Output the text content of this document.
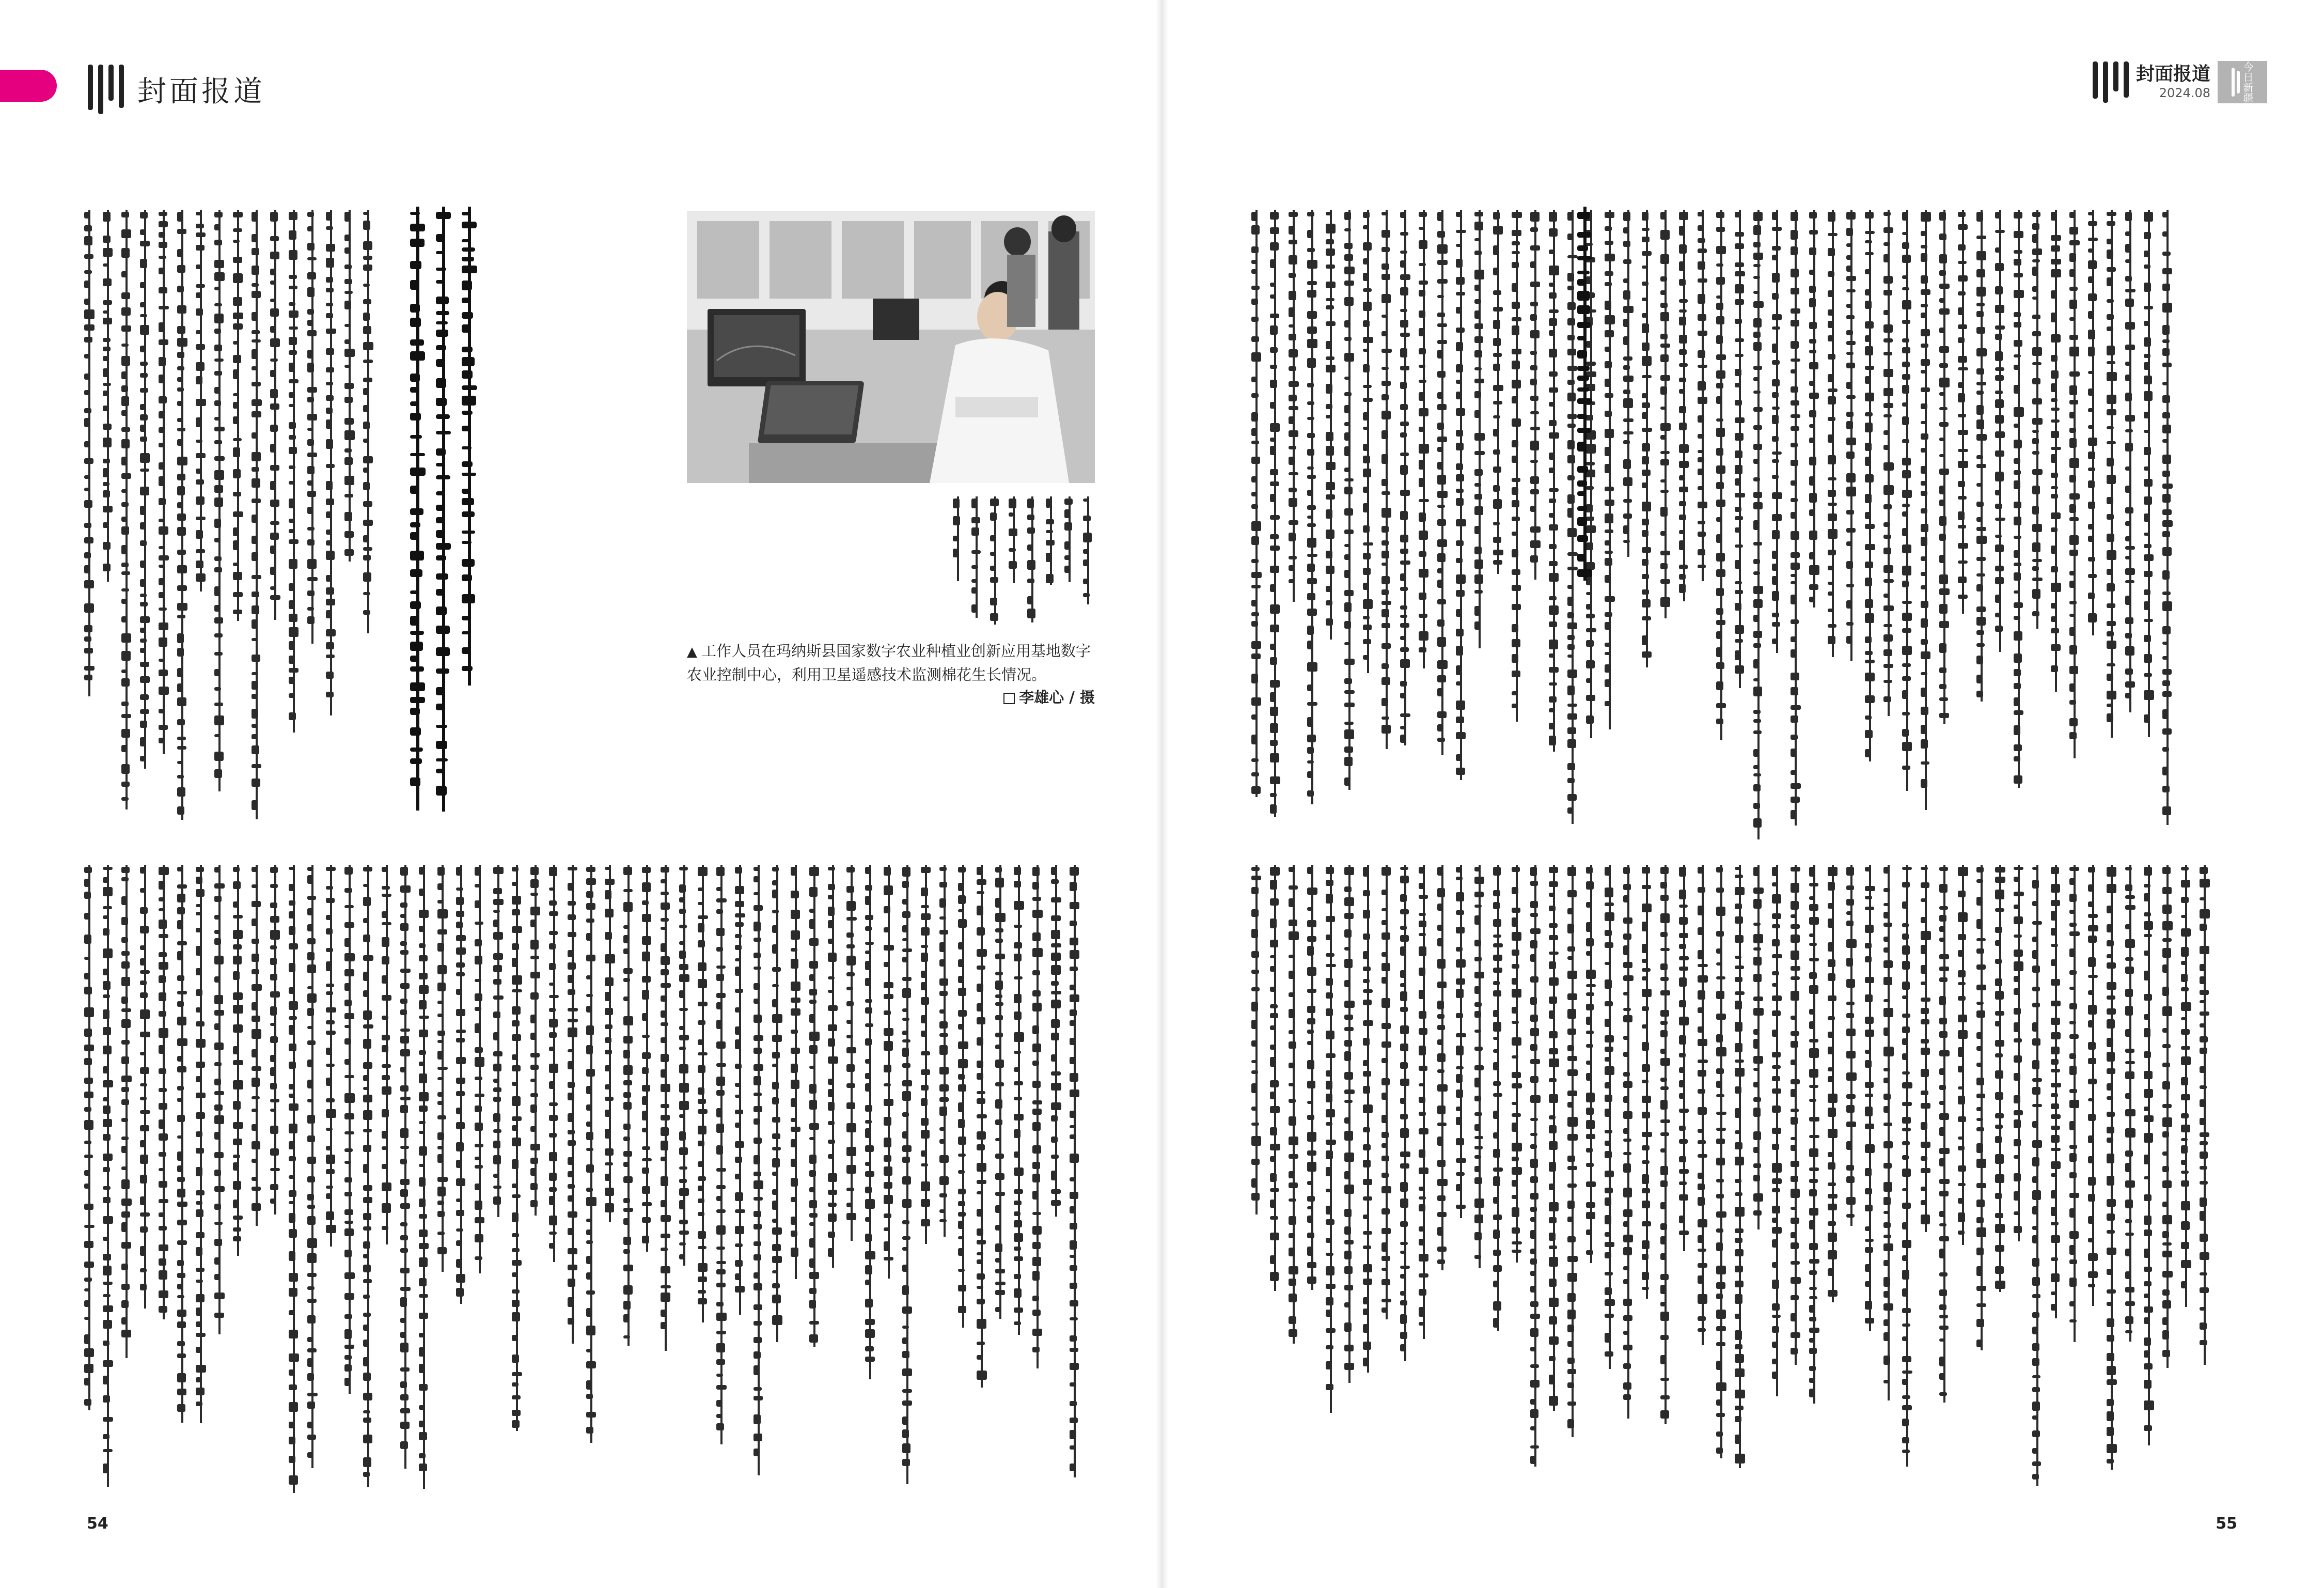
封面报道
封面报道
2024.08	今日新疆
▲ 工作人员在玛纳斯县国家数字农业种植业创新应用基地数字农业控制中心，利用卫星遥感技术监测棉花生长情况。
李雄心 / 摄
54	55
